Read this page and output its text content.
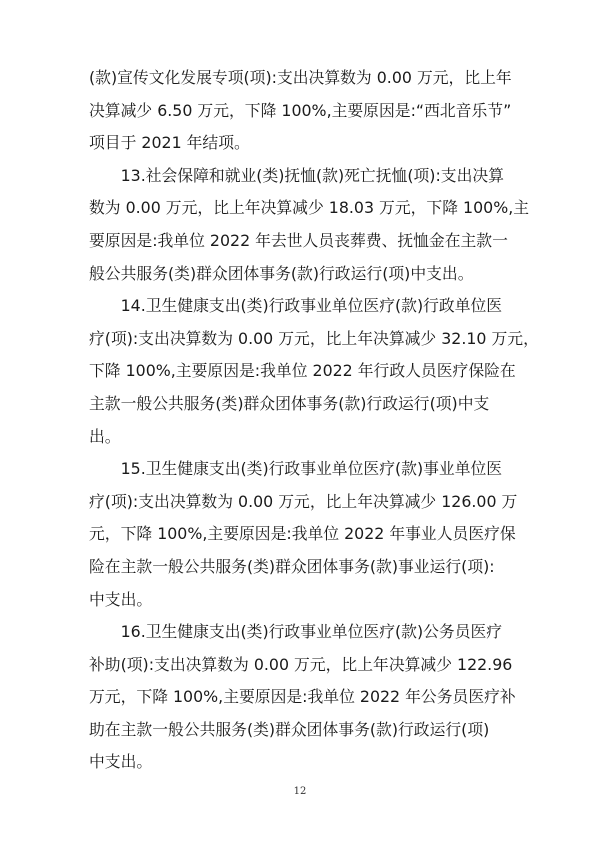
(款)宣传文化发展专项(项):支出决算数为 0.00 万元，比上年
决算减少 6.50 万元，下降 100%,主要原因是:“西北音乐节”
项目于 2021 年结项。

13.社会保障和就业(类)抚恤(款)死亡抚恤(项):支出决算
数为 0.00 万元，比上年决算减少 18.03 万元，下降 100%,主
要原因是:我单位 2022 年去世人员丧葬费、抚恤金在主款一
般公共服务(类)群众团体事务(款)行政运行(项)中支出。

14.卫生健康支出(类)行政事业单位医疗(款)行政单位医
疗(项):支出决算数为 0.00 万元，比上年决算减少 32.10 万元，
下降 100%,主要原因是:我单位 2022 年行政人员医疗保险在
主款一般公共服务(类)群众团体事务(款)行政运行(项)中支
出。

15.卫生健康支出(类)行政事业单位医疗(款)事业单位医
疗(项):支出决算数为 0.00 万元，比上年决算减少 126.00 万
元，下降 100%,主要原因是:我单位 2022 年事业人员医疗保
险在主款一般公共服务(类)群众团体事务(款)事业运行(项):
中支出。

16.卫生健康支出(类)行政事业单位医疗(款)公务员医疗
补助(项):支出决算数为 0.00 万元，比上年决算减少 122.96
万元，下降 100%,主要原因是:我单位 2022 年公务员医疗补
助在主款一般公共服务(类)群众团体事务(款)行政运行(项)
中支出。

12
